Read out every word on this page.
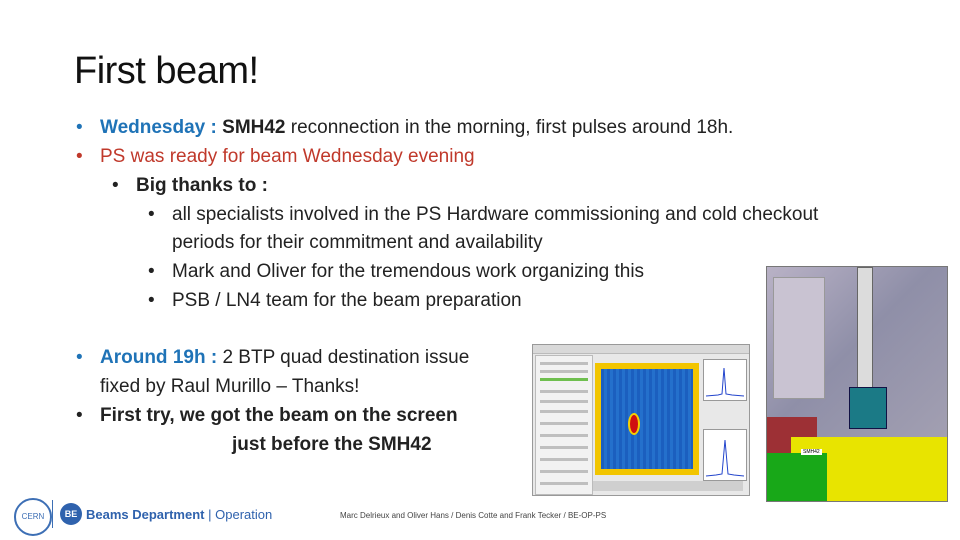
First beam!
• Wednesday : SMH42 reconnection in the morning, first pulses around 18h.
• PS was ready for beam Wednesday evening
• Big thanks to :
• all specialists involved in the PS Hardware commissioning and cold checkout
periods for their commitment and availability
• Mark and Oliver for the tremendous work organizing this
• PSB / LN4 team for the beam preparation
• Around 19h : 2 BTP quad destination issue
fixed by Raul Murillo – Thanks!
• First try, we got the beam on the screen
just before the SMH42	SMH42
CERN	BE Beams Department | Operation	Marc Delrieux and Oliver Hans / Denis Cotte and Frank Tecker / BE-OP-PS
